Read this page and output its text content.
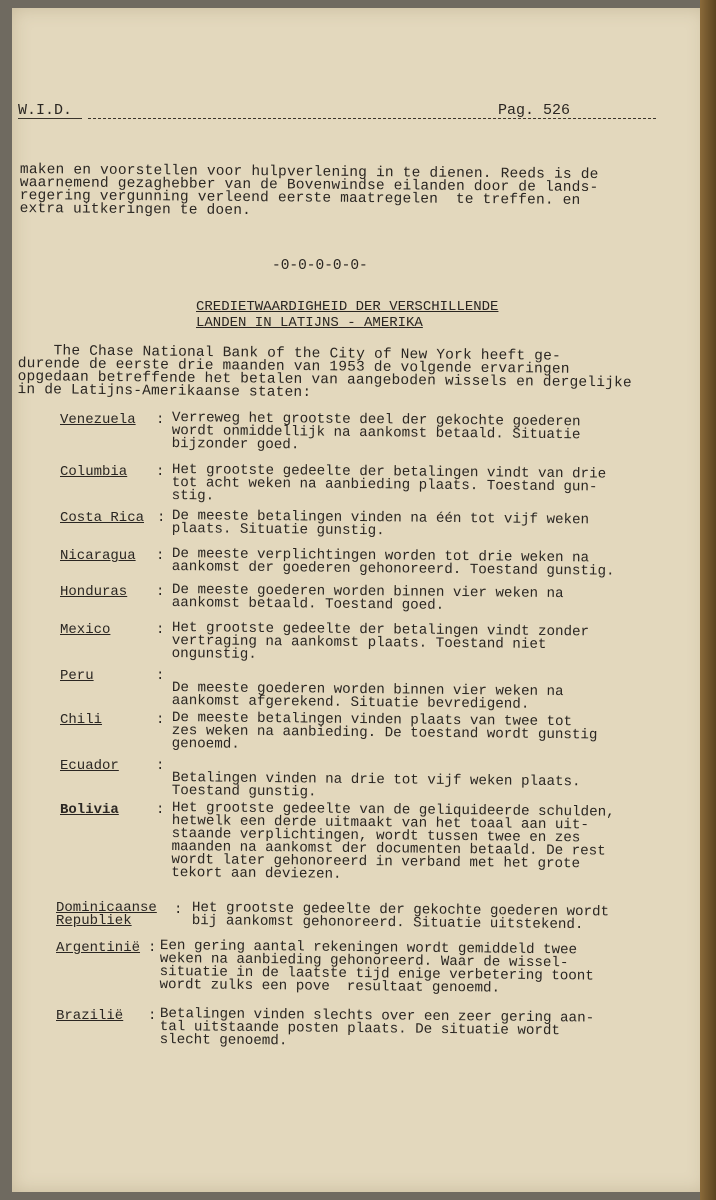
W.I.D.	Pag. 526
maken en voorstellen voor hulpverlening in te dienen. Reeds is de
waarnemend gezaghebber van de Bovenwindse eilanden door de lands-
regering vergunning verleend eerste maatregelen  te treffen. en
extra uitkeringen te doen.
-0-0-0-0-0-
CREDIETWAARDIGHEID DER VERSCHILLENDE
LANDEN IN LATIJNS - AMERIKA
The Chase National Bank of the City of New York heeft ge-
durende de eerste drie maanden van 1953 de volgende ervaringen
opgedaan betreffende het betalen van aangeboden wissels en dergelijke
in de Latijns-Amerikaanse staten:
Venezuela : Verreweg het grootste deel der gekochte goederen
wordt onmiddellijk na aankomst betaald. Situatie
bijzonder goed.
Columbia : Het grootste gedeelte der betalingen vindt van drie
tot acht weken na aanbieding plaats. Toestand gun-
stig.
Costa Rica : De meeste betalingen vinden na één tot vijf weken
plaats. Situatie gunstig.
Nicaragua : De meeste verplichtingen worden tot drie weken na
aankomst der goederen gehonoreerd. Toestand gunstig.
Honduras : De meeste goederen worden binnen vier weken na
aankomst betaald. Toestand goed.
Mexico	: Het grootste gedeelte der betalingen vindt zonder
vertraging na aankomst plaats. Toestand niet
ongunstig.
Peru	:
De meeste goederen worden binnen vier weken na
aankomst afgerekend. Situatie bevredigend.
Chili	: De meeste betalingen vinden plaats van twee tot
zes weken na aanbieding. De toestand wordt gunstig
genoemd.
Ecuador	:
Betalingen vinden na drie tot vijf weken plaats.
Toestand gunstig.
Bolivia	: Het grootste gedeelte van de geliquideerde schulden,
hetwelk een derde uitmaakt van het toaal aan uit-
staande verplichtingen, wordt tussen twee en zes
maanden na aankomst der documenten betaald. De rest
wordt later gehonoreerd in verband met het grote
tekort aan deviezen.
Dominicaanse
Republiek
: Het grootste gedeelte der gekochte goederen wordt
bij aankomst gehonoreerd. Situatie uitstekend.
Argentinië : Een gering aantal rekeningen wordt gemiddeld twee
weken na aanbieding gehonoreerd. Waar de wissel-
situatie in de laatste tijd enige verbetering toont
wordt zulks een pove  resultaat genoemd.
Brazilië : Betalingen vinden slechts over een zeer gering aan-
tal uitstaande posten plaats. De situatie wordt
slecht genoemd.
